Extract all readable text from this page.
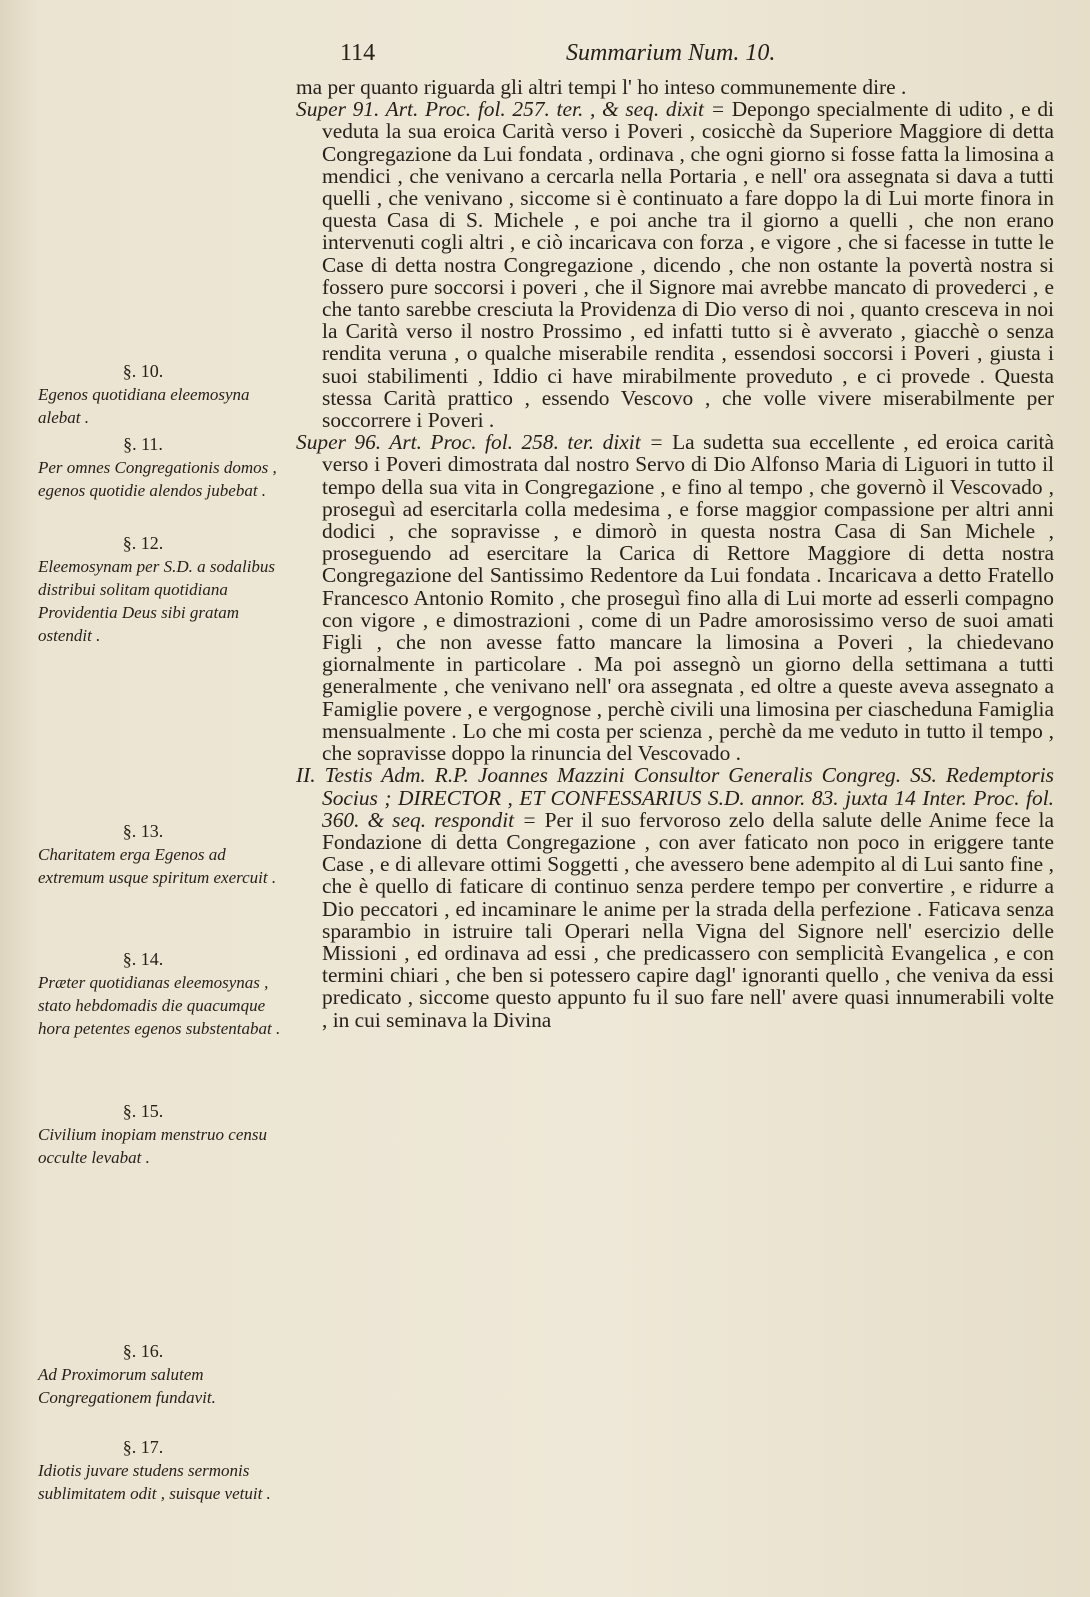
114	Summarium Num. 10.

ma per quanto riguarda gli altri tempi l' ho inteso communemente dire .

Super 91. Art. Proc. fol. 257. ter. , & seq. dixit = Depongo specialmente di udito , e di veduta la sua eroica Carità verso i Poveri , cosicchè da Superiore Maggiore di detta Congregazione da Lui fondata , ordinava , che ogni giorno si fosse fatta la limosina a mendici , che venivano a cercarla nella Portaria , e nell' ora assegnata si dava a tutti quelli , che venivano , siccome si è continuato a fare doppo la di Lui morte finora in questa Casa di S. Michele , e poi anche tra il giorno a quelli , che non erano intervenuti cogli altri , e ciò incaricava con forza , e vigore , che si facesse in tutte le Case di detta nostra Congregazione , dicendo , che non ostante la povertà nostra si fossero pure soccorsi i poveri , che il Signore mai avrebbe mancato di provederci , e che tanto sarebbe cresciuta la Providenza di Dio verso di noi , quanto cresceva in noi la Carità verso il nostro Prossimo , ed infatti tutto si è avverato , giacchè o senza rendita veruna , o qualche miserabile rendita , essendosi soccorsi i Poveri , giusta i suoi stabilimenti , Iddio ci have mirabilmente proveduto , e ci provede . Questa stessa Carità prattico , essendo Vescovo , che volle vivere miserabilmente per soccorrere i Poveri .

Super 96. Art. Proc. fol. 258. ter. dixit = La sudetta sua eccellente , ed eroica carità verso i Poveri dimostrata dal nostro Servo di Dio Alfonso Maria di Liguori in tutto il tempo della sua vita in Congregazione , e fino al tempo , che governò il Vescovado , proseguì ad esercitarla colla medesima , e forse maggior compassione per altri anni dodici , che sopravisse , e dimorò in questa nostra Casa di San Michele , proseguendo ad esercitare la Carica di Rettore Maggiore di detta nostra Congregazione del Santissimo Redentore da Lui fondata . Incaricava a detto Fratello Francesco Antonio Romito , che proseguì fino alla di Lui morte ad esserli compagno con vigore , e dimostrazioni , come di un Padre amorosissimo verso de suoi amati Figli , che non avesse fatto mancare la limosina a Poveri , la chiedevano giornalmente in particolare . Ma poi assegnò un giorno della settimana a tutti generalmente , che venivano nell' ora assegnata , ed oltre a queste aveva assegnato a Famiglie povere , e vergognose , perchè civili una limosina per ciascheduna Famiglia mensualmente . Lo che mi costa per scienza , perchè da me veduto in tutto il tempo , che sopravisse doppo la rinuncia del Vescovado .

II. Testis Adm. R.P. Joannes Mazzini Consultor Generalis Congreg. SS. Redemptoris Socius ; DIRECTOR , ET CONFESSARIUS S.D. annor. 83. juxta 14 Inter. Proc. fol. 360. & seq. respondit = Per il suo fervoroso zelo della salute delle Anime fece la Fondazione di detta Congregazione , con aver faticato non poco in eriggere tante Case , e di allevare ottimi Soggetti , che avessero bene adempito al di Lui santo fine , che è quello di faticare di continuo senza perdere tempo per convertire , e ridurre a Dio peccatori , ed incaminare le anime per la strada della perfezione . Faticava senza sparambio in istruire tali Operari nella Vigna del Signore nell' esercizio delle Missioni , ed ordinava ad essi , che predicassero con semplicità Evangelica , e con termini chiari , che ben si potessero capire dagl' ignoranti quello , che veniva da essi predicato , siccome questo appunto fu il suo fare nell' avere quasi innumerabili volte , in cui seminava la Divina

§. 10.
Egenos quotidiana eleemosyna alebat .
§. 11.
Per omnes Congregationis domos , egenos quotidie alendos jubebat .
§. 12.
Eleemosynam per S.D. a sodalibus distribui solitam quotidiana Providentia Deus sibi gratam ostendit .
§. 13.
Charitatem erga Egenos ad extremum usque spiritum exercuit .
§. 14.
Præter quotidianas eleemosynas , stato hebdomadis die quacumque hora petentes egenos substentabat .
§. 15.
Civilium inopiam menstruo censu occulte levabat .
§. 16.
Ad Proximorum salutem Congregationem fundavit.
§. 17.
Idiotis juvare studens sermonis sublimitatem odit , suisque vetuit .
